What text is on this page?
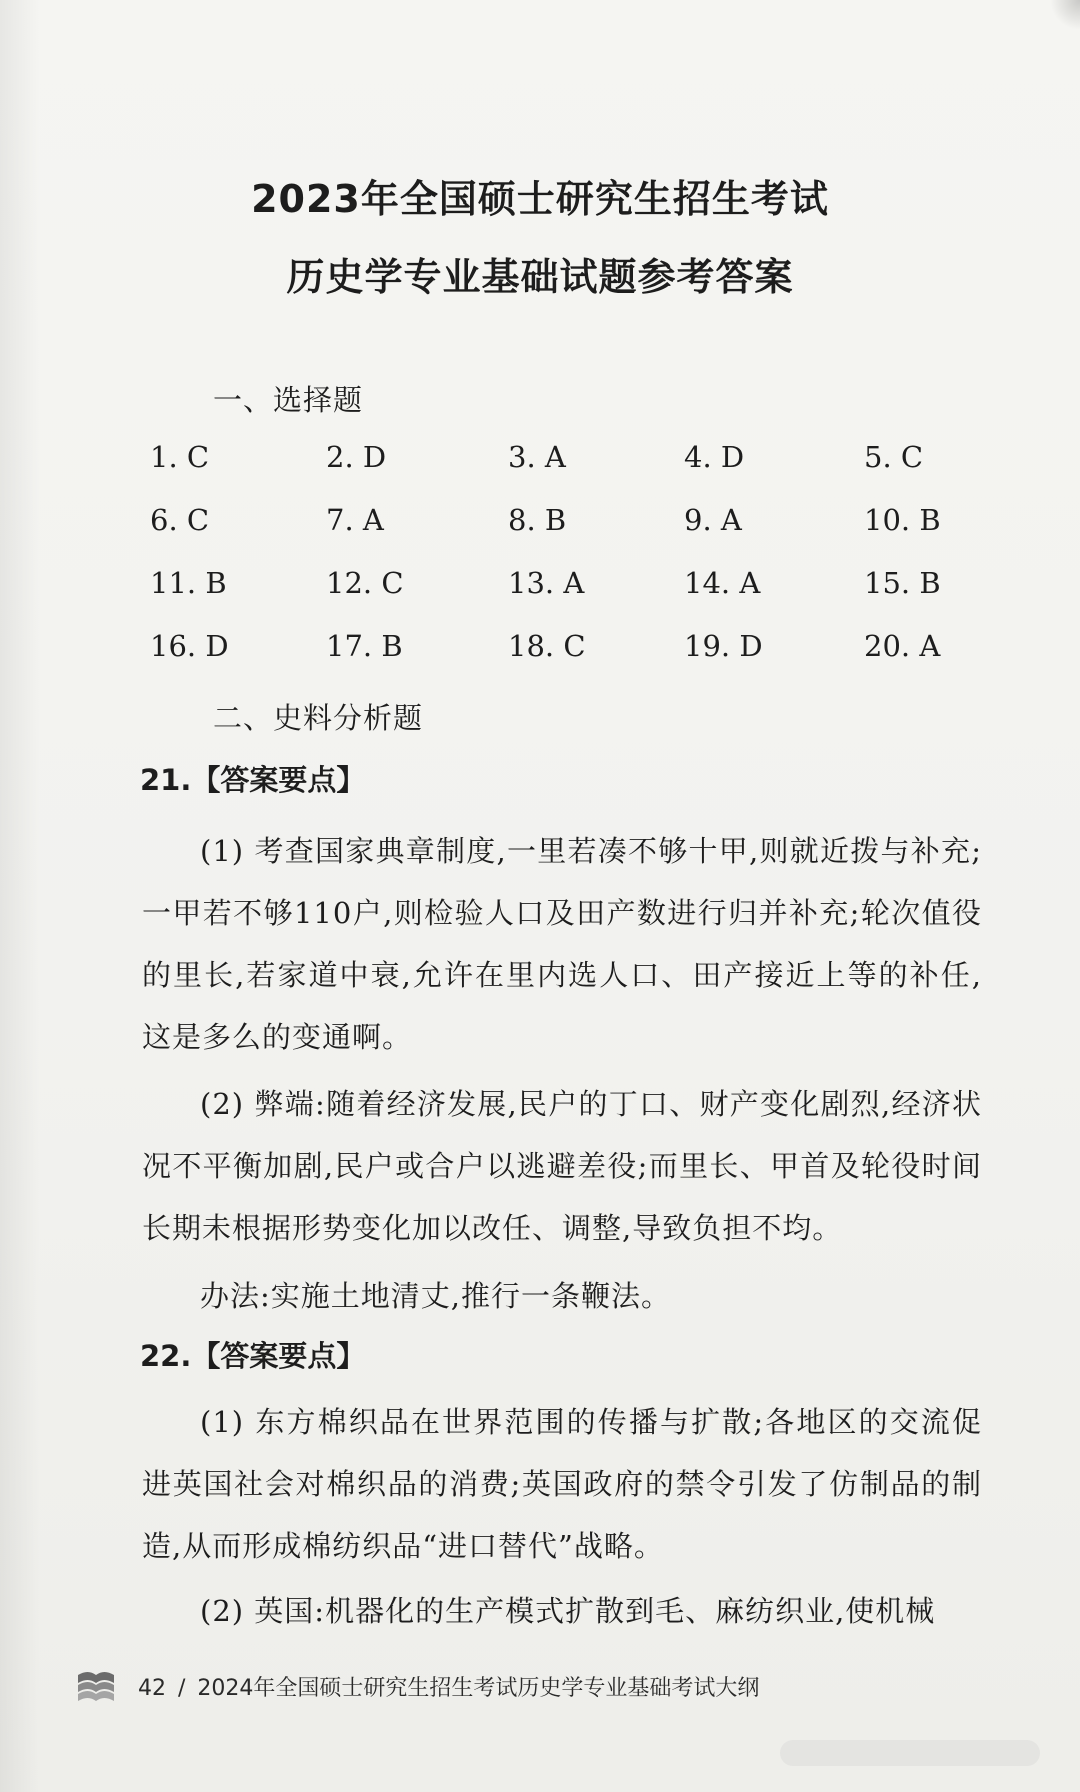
2023年全国硕士研究生招生考试
历史学专业基础试题参考答案
一、选择题
1. C	2. D	3. A	4. D	5. C
6. C	7. A	8. B	9. A	10. B
11. B	12. C	13. A	14. A	15. B
16. D	17. B	18. C	19. D	20. A
二、史料分析题
21.【答案要点】
(1) 考查国家典章制度,一里若凑不够十甲,则就近拨与补充;一甲若不够110户,则检验人口及田产数进行归并补充;轮次值役的里长,若家道中衰,允许在里内选人口、田产接近上等的补任,这是多么的变通啊。
(2) 弊端:随着经济发展,民户的丁口、财产变化剧烈,经济状况不平衡加剧,民户或合户以逃避差役;而里长、甲首及轮役时间长期未根据形势变化加以改任、调整,导致负担不均。
办法:实施土地清丈,推行一条鞭法。
22.【答案要点】
(1) 东方棉织品在世界范围的传播与扩散;各地区的交流促进英国社会对棉织品的消费;英国政府的禁令引发了仿制品的制造,从而形成棉纺织品“进口替代”战略。
(2) 英国:机器化的生产模式扩散到毛、麻纺织业,使机械
42 / 2024年全国硕士研究生招生考试历史学专业基础考试大纲
